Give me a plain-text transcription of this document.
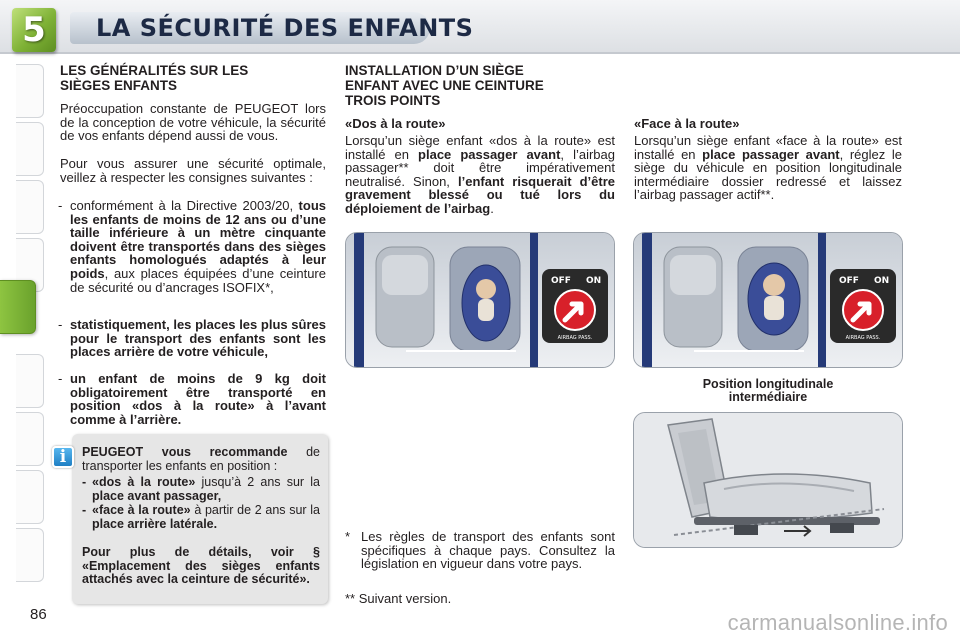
5	LA SÉCURITÉ DES ENFANTS
LES GÉNÉRALITÉS SUR LES
SIÈGES ENFANTS
Préoccupation constante de PEUGEOT lors de la conception de votre véhicule, la sécurité de vos enfants dépend aussi de vous.
Pour vous assurer une sécurité optimale, veillez à respecter les consignes suivantes :
- conformément à la Directive 2003/20, tous les enfants de moins de 12 ans ou d’une taille inférieure à un mètre cinquante doivent être transportés dans des sièges enfants homologués adaptés à leur poids, aux places équipées d’une ceinture de sécurité ou d’ancrages ISOFIX*,
- statistiquement, les places les plus sûres pour le transport des enfants sont les places arrière de votre véhicule,
- un enfant de moins de 9 kg doit obligatoirement être transporté en position «dos à la route» à l’avant comme à l’arrière.
i	PEUGEOT vous recommande de transporter les enfants en position :
- «dos à la route» jusqu’à 2 ans sur la place avant passager,
- «face à la route» à partir de 2 ans sur la place arrière latérale.
Pour plus de détails, voir § «Emplacement des sièges enfants attachés avec la ceinture de sécurité».
INSTALLATION D’UN SIÈGE
ENFANT AVEC UNE CEINTURE
TROIS POINTS
«Dos à la route»
Lorsqu’un siège enfant «dos à la route» est installé en place passager avant, l’airbag passager** doit être impérativement neutralisé. Sinon, l’enfant risquerait d’être gravement blessé ou tué lors du déploiement de l’airbag.
OFF ON
AIRBAG PASS.
* Les règles de transport des enfants sont spécifiques à chaque pays. Consultez la législation en vigueur dans votre pays.
** Suivant version.
«Face à la route»
Lorsqu’un siège enfant «face à la route» est installé en place passager avant, réglez le siège du véhicule en position longitudinale intermédiaire dossier redressé et laissez l’airbag passager actif**.
OFF ON
AIRBAG PASS.
Position longitudinale
intermédiaire
86	carmanualsonline.info
